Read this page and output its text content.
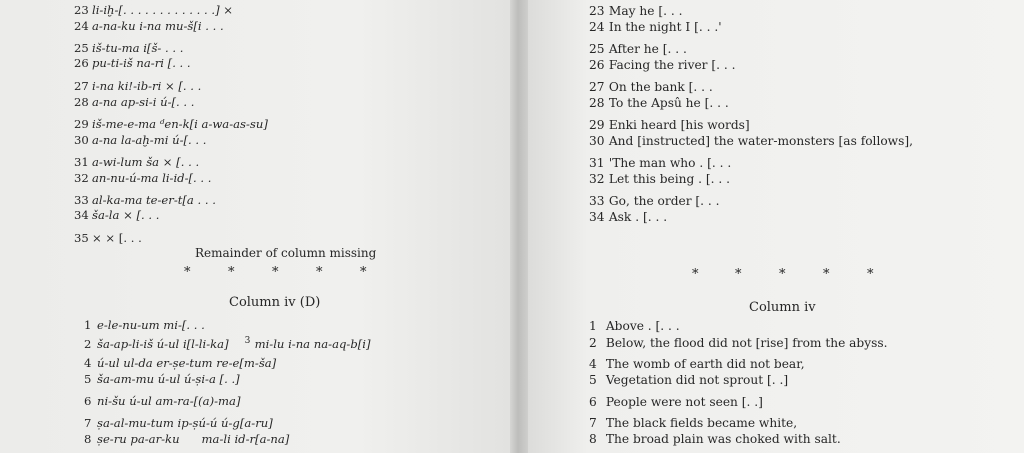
23 li-iḫ-[. . . . . . . . . . . . .] ×
24 a-na-ku i-na mu-š[i . . .
25 iš-tu-ma i[š- . . .
26 pu-ti-iš na-ri [. . .
27 i-na ki!-ib-ri × [. . .
28 a-na ap-si-i ú-[. . .
29 iš-me-e-ma ᵈen-k[i a-wa-as-su]
30 a-na la-aḫ-mi ú-[. . .
31 a-wi-lum ša × [. . .
32 an-nu-ú-ma li-id-[. . .
33 al-ka-ma te-er-t[a . . .
34 ša-la × [. . .
35 × × [. . .
Remainder of column missing
*	*	*	*	*
Column iv (D)
1 e-le-nu-um mi-[. . .
2 ša-ap-li-iš ú-ul i[l-li-ka] 3 mi-lu i-na na-aq-b[i]
4 ú-ul ul-da er-ṣe-tum re-e[m-ša]
5 ša-am-mu ú-ul ú-ṣi-a [. .]
6 ni-šu ú-ul am-ra-[(a)-ma]
7 ṣa-al-mu-tum ip-ṣú-ú ú-g[a-ru]
8 ṣe-ru pa-ar-ku ma-li id-r[a-na]
23 May he [. . .
24 In the night I [. . .'
25 After he [. . .
26 Facing the river [. . .
27 On the bank [. . .
28 To the Apsû he [. . .
29 Enki heard [his words]
30 And [instructed] the water-monsters [as follows],
31 'The man who . [. . .
32 Let this being . [. . .
33 Go, the order [. . .
34 Ask . [. . .
*	*	*	*	*
Column iv
1 Above . [. . .
2 Below, the flood did not [rise] from the abyss.
4 The womb of earth did not bear,
5 Vegetation did not sprout [. .]
6 People were not seen [. .]
7 The black fields became white,
8 The broad plain was choked with salt.
